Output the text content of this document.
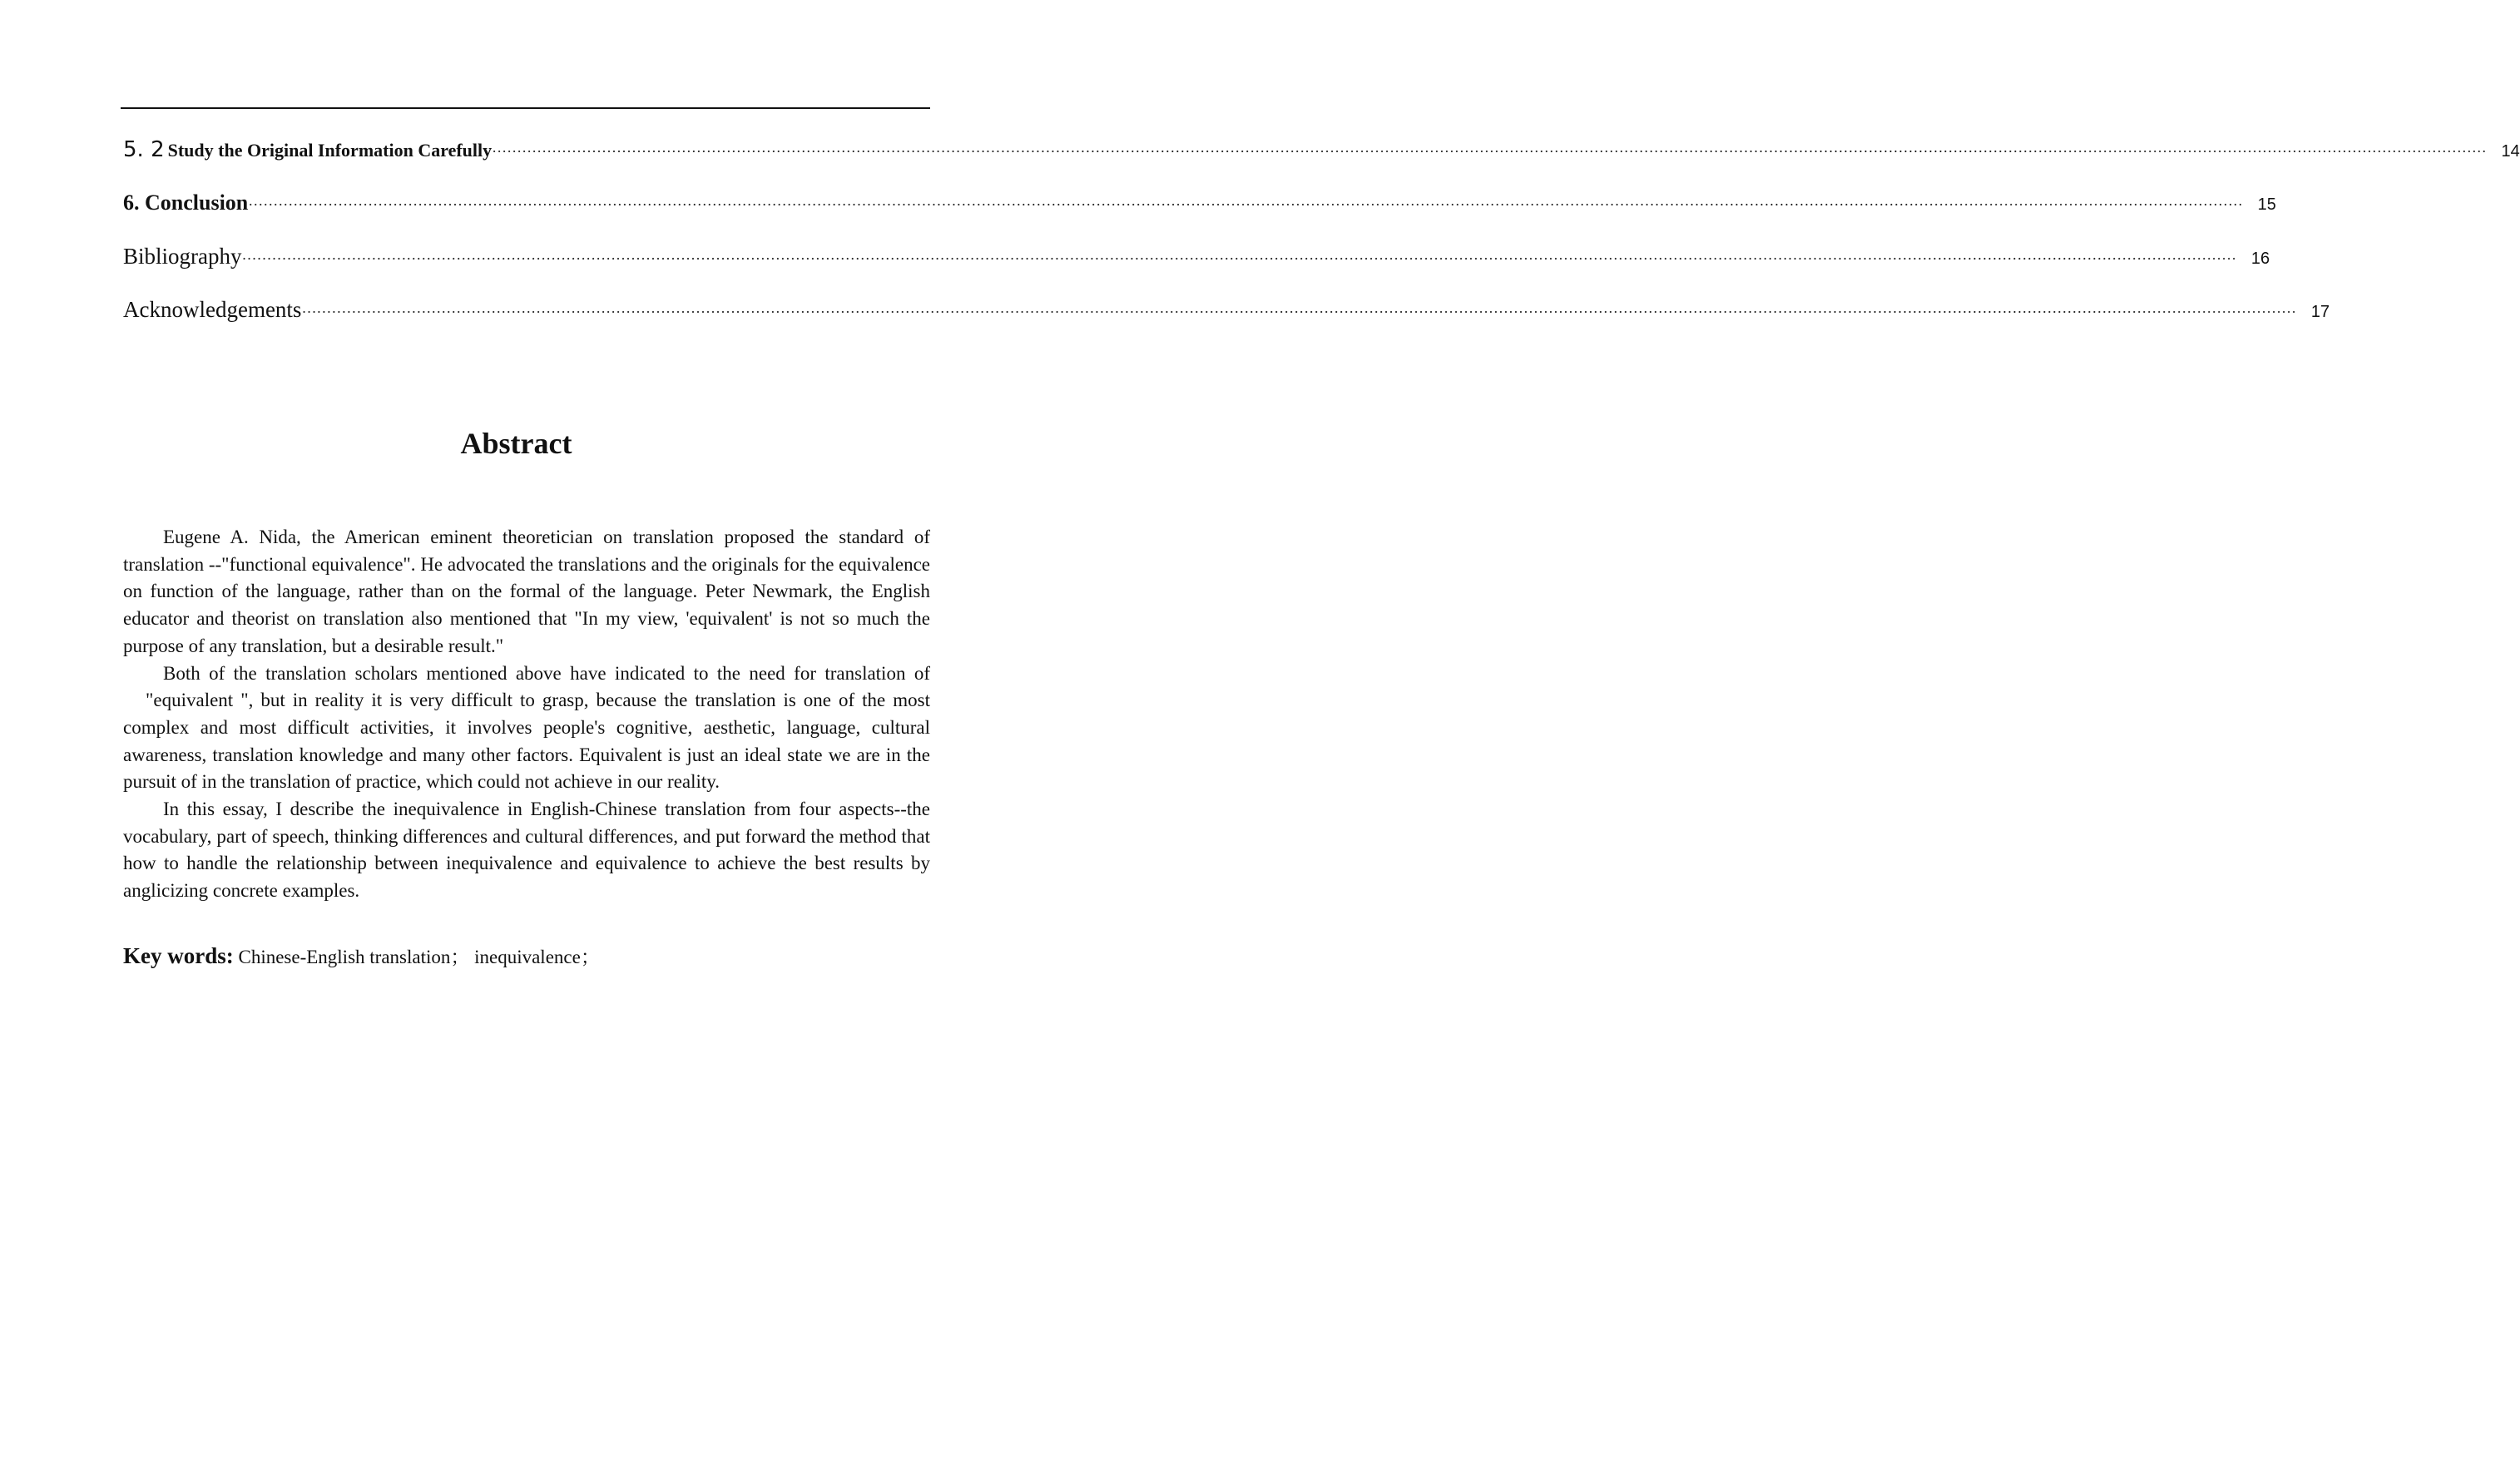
5. 2 Study the Original Information Carefully ················································································································································································································································································································································································································ 14
6. Conclusion ················································································································································································································································································································································································································ 15
Bibliography ················································································································································································································································································································································································································ 16
Acknowledgements ················································································································································································································································································································································································································ 17
Abstract

Eugene A. Nida, the American eminent theoretician on translation proposed the standard of translation --"functional equivalence". He advocated the translations and the originals for the equivalence on function of the language, rather than on the formal of the language. Peter Newmark, the English educator and theorist on translation also mentioned that "In my view, 'equivalent' is not so much the purpose of any translation, but a desirable result."

Both of the translation scholars mentioned above have indicated to the need for translation of    "equivalent ", but in reality it is very difficult to grasp, because the translation is one of the most complex and most difficult activities, it involves people's cognitive, aesthetic, language, cultural awareness, translation knowledge and many other factors. Equivalent is just an ideal state we are in the pursuit of in the translation of practice, which could not achieve in our reality.

In this essay, I describe the inequivalence in English-Chinese translation from four aspects--the vocabulary, part of speech, thinking differences and cultural differences, and put forward the method that how to handle the relationship between inequivalence and equivalence to achieve the best results by anglicizing concrete examples.

Key words: Chinese-English translation； inequivalence；
